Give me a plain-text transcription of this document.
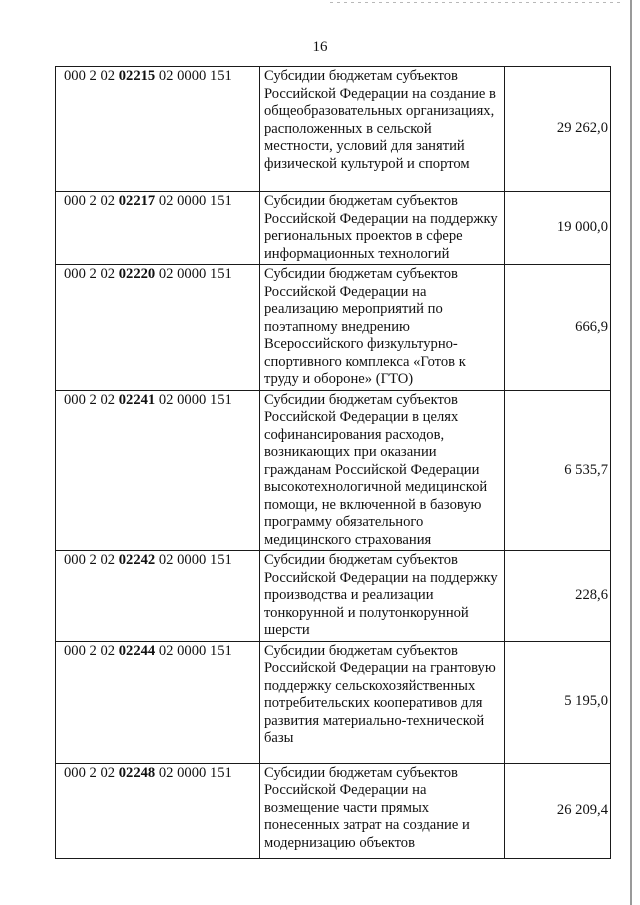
16
000 2 02 02215 02 0000 151	Субсидии бюджетам субъектов Российской Федерации на создание в общеобразовательных организациях, расположенных в сельской местности, условий для занятий физической культурой и спортом	29 262,0
000 2 02 02217 02 0000 151	Субсидии бюджетам субъектов Российской Федерации на поддержку региональных проектов в сфере информационных технологий	19 000,0
000 2 02 02220 02 0000 151	Субсидии бюджетам субъектов Российской Федерации на реализацию мероприятий по поэтапному внедрению Всероссийского физкультурно-спортивного комплекса «Готов к труду и обороне» (ГТО)	666,9
000 2 02 02241 02 0000 151	Субсидии бюджетам субъектов Российской Федерации в целях софинансирования расходов, возникающих при оказании гражданам Российской Федерации высокотехнологичной медицинской помощи, не включенной в базовую программу обязательного медицинского страхования	6 535,7
000 2 02 02242 02 0000 151	Субсидии бюджетам субъектов Российской Федерации на поддержку производства и реализации тонкорунной и полутонкорунной шерсти	228,6
000 2 02 02244 02 0000 151	Субсидии бюджетам субъектов Российской Федерации на грантовую поддержку сельскохозяйственных потребительских кооперативов для развития материально-технической базы	5 195,0
000 2 02 02248 02 0000 151	Субсидии бюджетам субъектов Российской Федерации на возмещение части прямых понесенных затрат на создание и модернизацию объектов	26 209,4
